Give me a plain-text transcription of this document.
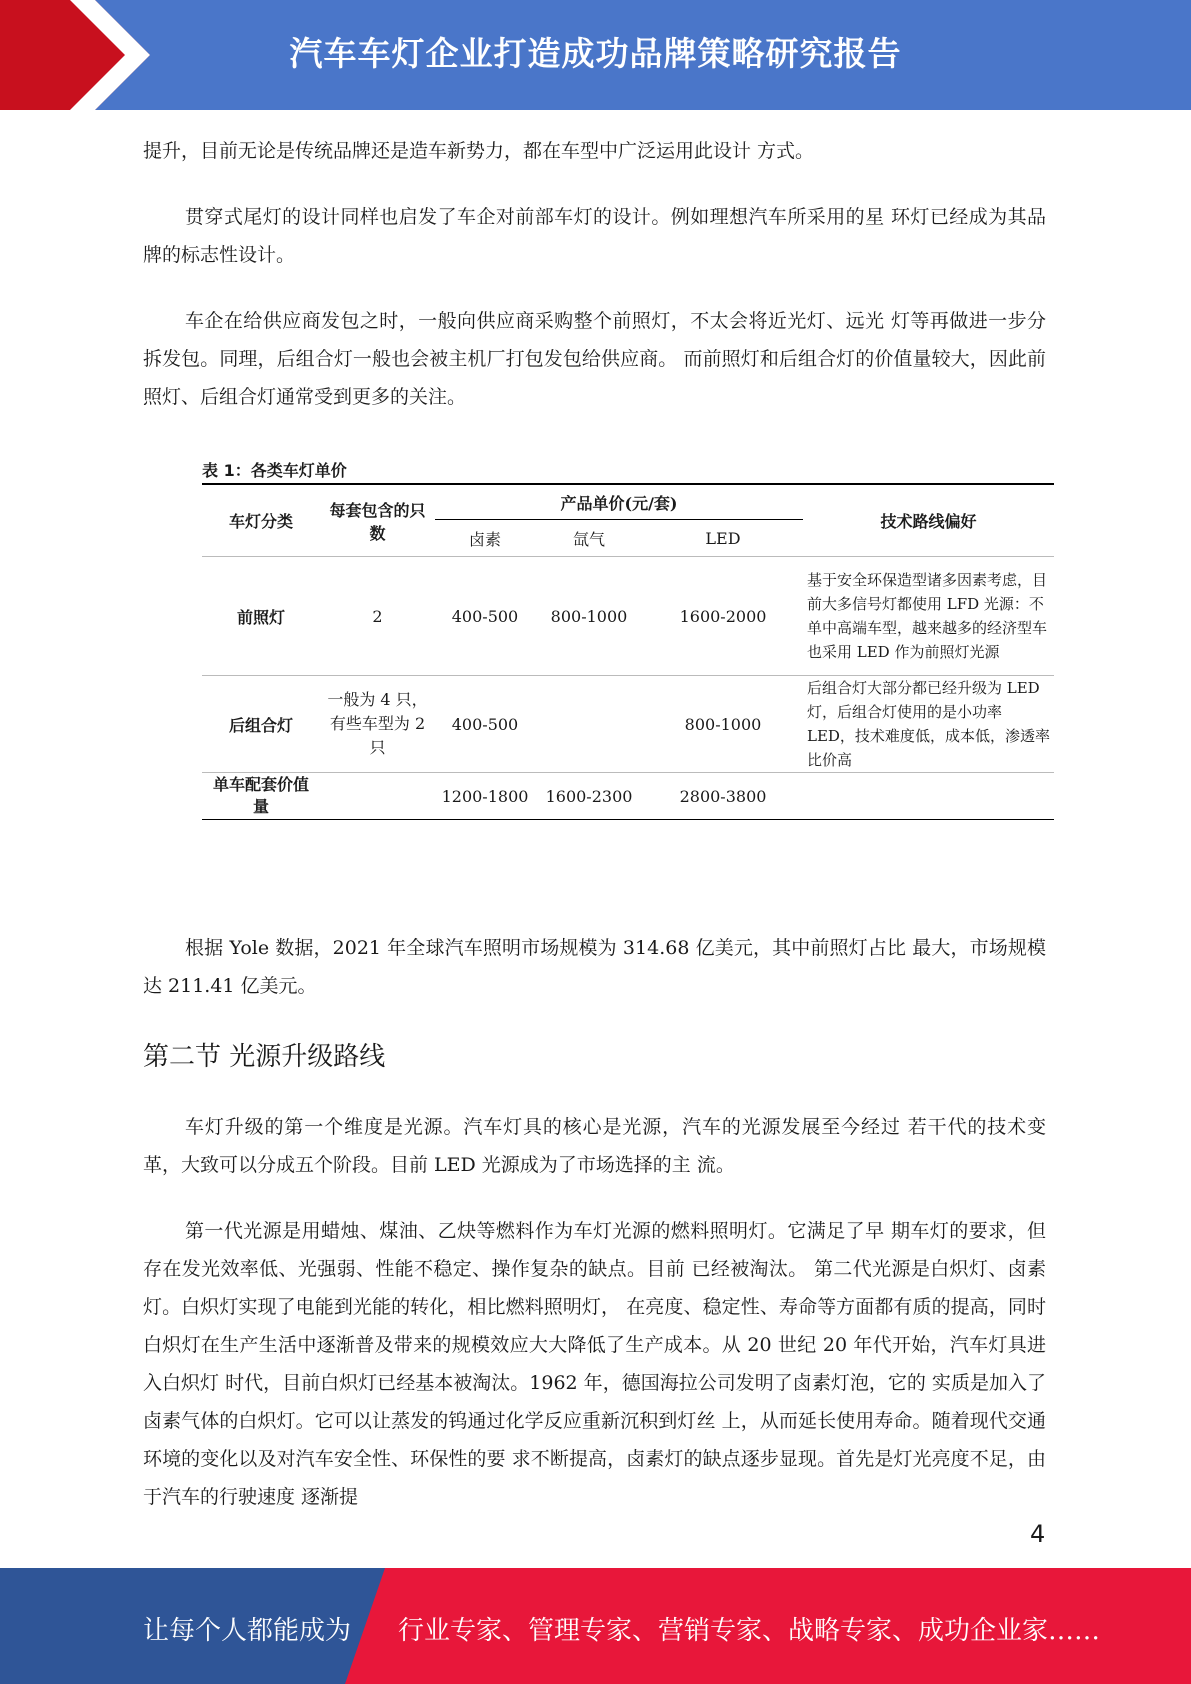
汽车车灯企业打造成功品牌策略研究报告

提升，目前无论是传统品牌还是造车新势力，都在车型中广泛运用此设计 方式。

贯穿式尾灯的设计同样也启发了车企对前部车灯的设计。例如理想汽车所采用的星 环灯已经成为其品牌的标志性设计。

车企在给供应商发包之时，一般向供应商采购整个前照灯，不太会将近光灯、远光 灯等再做进一步分拆发包。同理，后组合灯一般也会被主机厂打包发包给供应商。 而前照灯和后组合灯的价值量较大，因此前照灯、后组合灯通常受到更多的关注。

表 1：各类车灯单价
车灯分类	每套包含的只数	产品单价(元/套)			技术路线偏好
		卤素	氙气	LED	
前照灯	2	400-500	800-1000	1600-2000	基于安全环保造型诸多因素考虑，目前大多信号灯都使用 LFD 光源：不单中高端车型，越来越多的经济型车也采用 LED 作为前照灯光源
后组合灯	一般为 4 只，有些车型为 2 只	400-500		800-1000	后组合灯大部分都已经升级为 LED 灯，后组合灯使用的是小功率 LED，技术难度低，成本低，渗透率比价高
单车配套价值量		1200-1800	1600-2300	2800-3800	

根据 Yole 数据，2021 年全球汽车照明市场规模为 314.68 亿美元，其中前照灯占比 最大，市场规模达 211.41 亿美元。

第二节 光源升级路线

车灯升级的第一个维度是光源。汽车灯具的核心是光源，汽车的光源发展至今经过 若干代的技术变革，大致可以分成五个阶段。目前 LED 光源成为了市场选择的主 流。

第一代光源是用蜡烛、煤油、乙炔等燃料作为车灯光源的燃料照明灯。它满足了早 期车灯的要求，但存在发光效率低、光强弱、性能不稳定、操作复杂的缺点。目前 已经被淘汰。 第二代光源是白炽灯、卤素灯。白炽灯实现了电能到光能的转化，相比燃料照明灯， 在亮度、稳定性、寿命等方面都有质的提高，同时白炽灯在生产生活中逐渐普及带来的规模效应大大降低了生产成本。从 20 世纪 20 年代开始，汽车灯具进入白炽灯 时代，目前白炽灯已经基本被淘汰。1962 年，德国海拉公司发明了卤素灯泡，它的 实质是加入了卤素气体的白炽灯。它可以让蒸发的钨通过化学反应重新沉积到灯丝 上，从而延长使用寿命。随着现代交通环境的变化以及对汽车安全性、环保性的要 求不断提高，卤素灯的缺点逐步显现。首先是灯光亮度不足，由于汽车的行驶速度 逐渐提

4
让每个人都能成为 行业专家、管理专家、营销专家、战略专家、成功企业家……
